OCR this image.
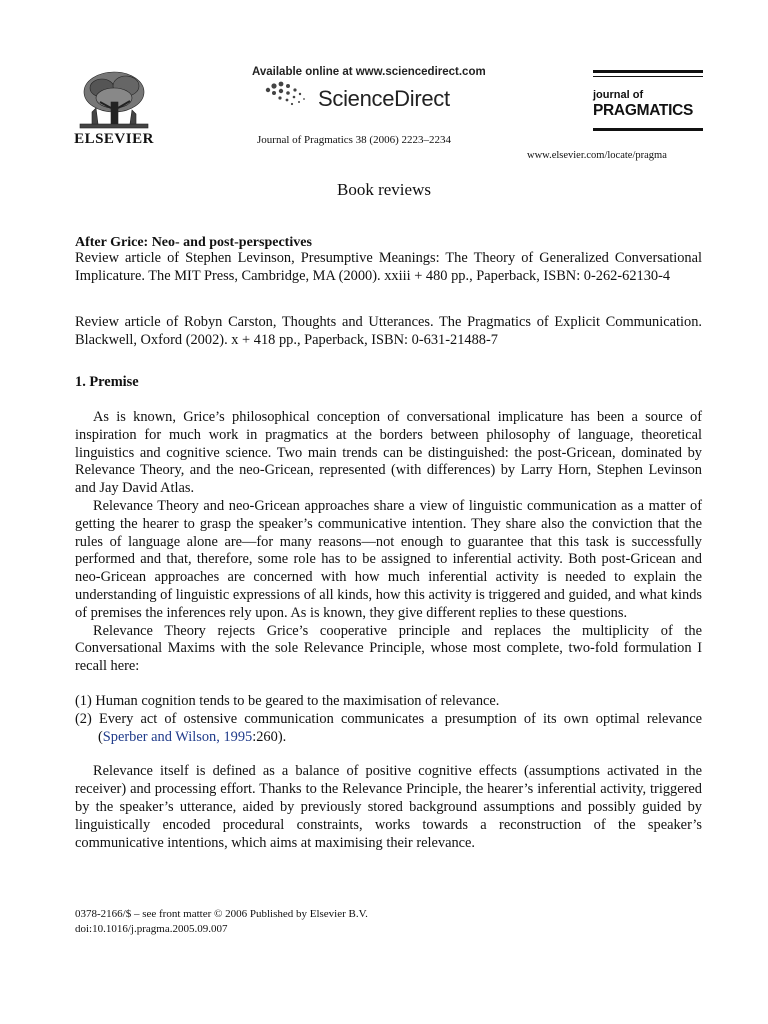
ELSEVIER
Available online at www.sciencedirect.com
ScienceDirect
Journal of Pragmatics 38 (2006) 2223–2234
journal of
PRAGMATICS
www.elsevier.com/locate/pragma
Book reviews
After Grice: Neo- and post-perspectives
Review article of Stephen Levinson, Presumptive Meanings: The Theory of Generalized Conversational Implicature. The MIT Press, Cambridge, MA (2000). xxiii + 480 pp., Paperback, ISBN: 0-262-62130-4
Review article of Robyn Carston, Thoughts and Utterances. The Pragmatics of Explicit Communication. Blackwell, Oxford (2002). x + 418 pp., Paperback, ISBN: 0-631-21488-7
1. Premise

As is known, Grice’s philosophical conception of conversational implicature has been a source of inspiration for much work in pragmatics at the borders between philosophy of language, theoretical linguistics and cognitive science. Two main trends can be distinguished: the post-Gricean, dominated by Relevance Theory, and the neo-Gricean, represented (with differences) by Larry Horn, Stephen Levinson and Jay David Atlas.

Relevance Theory and neo-Gricean approaches share a view of linguistic communication as a matter of getting the hearer to grasp the speaker’s communicative intention. They share also the conviction that the rules of language alone are—for many reasons—not enough to guarantee that this task is successfully performed and that, therefore, some role has to be assigned to inferential activity. Both post-Gricean and neo-Gricean approaches are concerned with how much inferential activity is needed to explain the understanding of linguistic expressions of all kinds, how this activity is triggered and guided, and what kinds of premises the inferences rely upon. As is known, they give different replies to these questions.

Relevance Theory rejects Grice’s cooperative principle and replaces the multiplicity of the Conversational Maxims with the sole Relevance Principle, whose most complete, two-fold formulation I recall here:

(1) Human cognition tends to be geared to the maximisation of relevance.

(2) Every act of ostensive communication communicates a presumption of its own optimal relevance (Sperber and Wilson, 1995:260).

Relevance itself is defined as a balance of positive cognitive effects (assumptions activated in the receiver) and processing effort. Thanks to the Relevance Principle, the hearer’s inferential activity, triggered by the speaker’s utterance, aided by previously stored background assumptions and possibly guided by linguistically encoded procedural constraints, works towards a reconstruction of the speaker’s communicative intentions, which aims at maximising their relevance.

0378-2166/$ – see front matter © 2006 Published by Elsevier B.V.
doi:10.1016/j.pragma.2005.09.007
